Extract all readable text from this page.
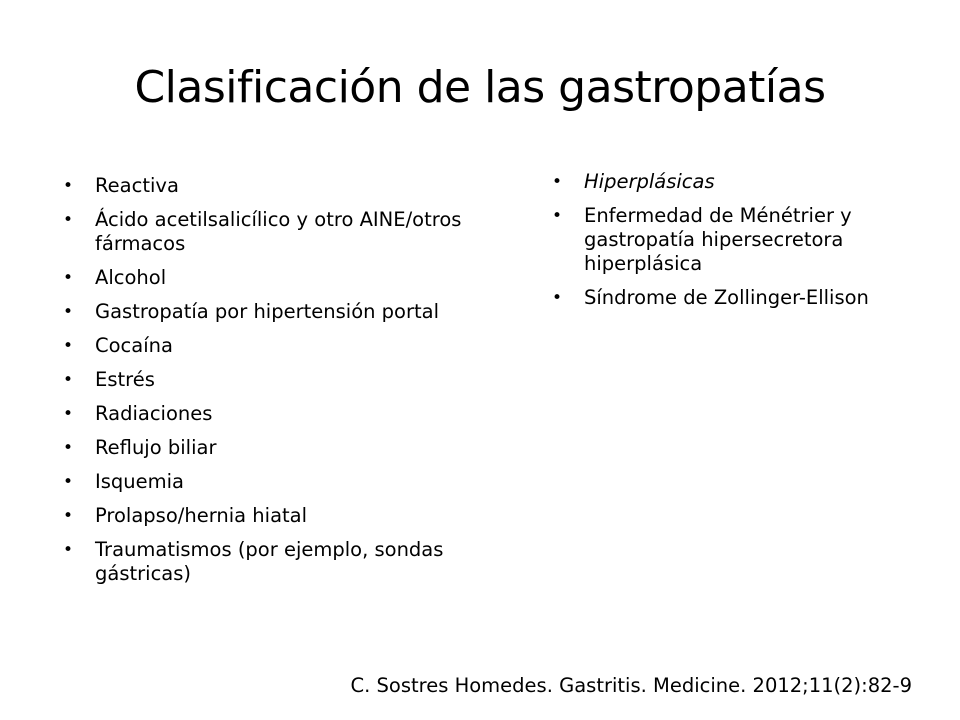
Clasificación de las gastropatías
• Reactiva
• Ácido acetilsalicílico y otro AINE/otros fármacos
• Alcohol
• Gastropatía por hipertensión portal
• Cocaína
• Estrés
• Radiaciones
• Reflujo biliar
• Isquemia
• Prolapso/hernia hiatal
• Traumatismos (por ejemplo, sondas gástricas)
• Hiperplásicas
• Enfermedad de Ménétrier y gastropatía hipersecretora hiperplásica
• Síndrome de Zollinger-Ellison
C. Sostres Homedes. Gastritis. Medicine. 2012;11(2):82-9
